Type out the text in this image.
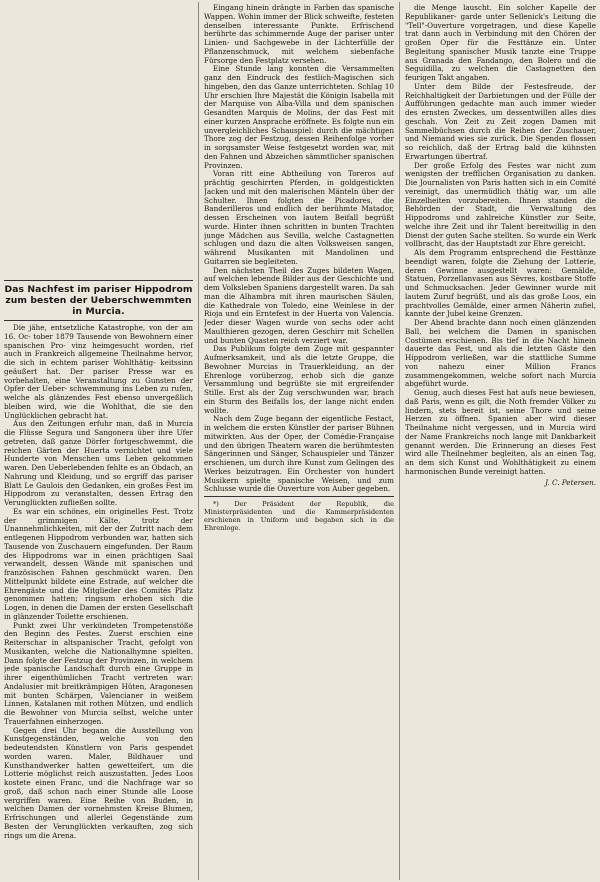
Das Nachfest im pariser Hippodrom zum besten der Ueberschwemmten in Murcia.

Die jähe, entsetzliche Katastrophe, von der am 16. Oc- tober 1879 Tausende von Bewohnern einer spanischen Pro- vinz heimgesucht worden, rief auch in Frankreich allgemeine Theilnahme hervor, die sich in echtem pariser Wohlthätig- keitssinn geäußert hat. Der pariser Presse war es vorbehalten, eine Veranstaltung zu Gunsten der Opfer der Ueber- schwemmung ins Leben zu rufen, welche als glänzendes Fest ebenso unvergeßlich bleiben wird, wie die Wohlthat, die sie den Unglücklichen gebracht hat.

Aus den Zeitungen erfuhr man, daß in Murcia die Flüsse Segura und Sangonera über ihre Ufer getreten, daß ganze Dörfer fortgeschwemmt, die reichen Gärten der Huerta vernichtet und viele Hunderte von Menschen ums Leben gekommen waren. Den Ueberlebenden fehlte es an Obdach, an Nahrung und Kleidung, und so ergriff das pariser Blatt Le Gaulois den Gedanken, ein großes Fest im Hippodrom zu veranstalten, dessen Ertrag den Verunglückten zufließen sollte.

Es war ein schönes, ein originelles Fest. Trotz der grimmigen Kälte, trotz der Unannehmlichkeiten, mit der der Zutritt nach dem entlegenen Hippodrom verbunden war, hatten sich Tausende von Zuschauern eingefunden. Der Raum des Hippodroms war in einen prächtigen Saal verwandelt, dessen Wände mit spanischen und französischen Fahnen geschmückt waren. Den Mittelpunkt bildete eine Estrade, auf welcher die Ehrengäste und die Mitglieder des Comités Platz genommen hatten; ringsum erhoben sich die Logen, in denen die Damen der ersten Gesellschaft in glänzender Toilette erschienen.

Punkt zwei Uhr verkündeten Trompetenstöße den Beginn des Festes. Zuerst erschien eine Reiterschar in altspanischer Tracht, gefolgt von Musikanten, welche die Nationalhymne spielten. Dann folgte der Festzug der Provinzen, in welchem jede spanische Landschaft durch eine Gruppe in ihrer eigenthümlichen Tracht vertreten war: Andalusier mit breitkrämpigen Hüten, Aragonesen mit bunten Schärpen, Valencianer in weißem Linnen, Katalanen mit rothen Mützen, und endlich die Bewohner von Murcia selbst, welche unter Trauerfahnen einherzogen.

Gegen drei Uhr begann die Ausstellung von Kunstgegenständen, welche von den bedeutendsten Künstlern von Paris gespendet worden waren. Maler, Bildhauer und Kunsthandwerker hatten gewetteifert, um die Lotterie möglichst reich auszustatten. Jedes Loos kostete einen Franc, und die Nachfrage war so groß, daß schon nach einer Stunde alle Loose vergriffen waren. Eine Reihe von Buden, in welchen Damen der vornehmsten Kreise Blumen, Erfrischungen und allerlei Gegenstände zum Besten der Verunglückten verkauften, zog sich rings um die Arena.

Eingang hinein drängte in Farben das spanische Wappen. Wohin immer der Blick schweifte, festeten denselben interessante Punkte. Erfrischend berührte das schimmernde Auge der pariser unter Linien- und Sachgewebe in der Lichterfülle der Pflanzenschmuck, mit welchem siebenfache Fürsorge den Festplatz versehen.

Eine Stunde lang konnten die Versammelten ganz den Eindruck des festlich-Magischen sich hingeben, den das Ganze unterrichteten. Schlag 10 Uhr erschien Ihre Majestät die Königin Isabella mit der Marquise von Alba-Villa und dem spanischen Gesandten Marquis de Molins, der das Fest mit einer kurzen Ansprache eröffnete. Es folgte nun ein unvergleichliches Schauspiel: durch die mächtigen Thore zog der Festzug, dessen Reihenfolge vorher in sorgsamster Weise festgesetzt worden war, mit den Fahnen und Abzeichen sämmtlicher spanischen Provinzen.

Voran ritt eine Abtheilung von Toreros auf prächtig geschirrten Pferden, in goldgestickten Jacken und mit den malerischen Mänteln über der Schulter. Ihnen folgten die Picadores, die Banderilleros und endlich der berühmte Matador, dessen Erscheinen von lautem Beifall begrüßt wurde. Hinter ihnen schritten in bunten Trachten junge Mädchen aus Sevilla, welche Castagnetten schlugen und dazu die alten Volksweisen sangen, während Musikanten mit Mandolinen und Guitarren sie begleiteten.

Den nächsten Theil des Zuges bildeten Wagen, auf welchen lebende Bilder aus der Geschichte und dem Volksleben Spaniens dargestellt waren. Da sah man die Alhambra mit ihren maurischen Säulen, die Kathedrale von Toledo, eine Weinlese in der Rioja und ein Erntefest in der Huerta von Valencia. Jeder dieser Wagen wurde von sechs oder acht Maulthieren gezogen, deren Geschirr mit Schellen und bunten Quasten reich verziert war.

Das Publikum folgte dem Zuge mit gespannter Aufmerksamkeit, und als die letzte Gruppe, die Bewohner Murcias in Trauerkleidung, an der Ehrenloge vorüberzog, erhob sich die ganze Versammlung und begrüßte sie mit ergreifender Stille. Erst als der Zug verschwunden war, brach ein Sturm des Beifalls los, der lange nicht enden wollte.

Nach dem Zuge begann der eigentliche Festact, in welchem die ersten Künstler der pariser Bühnen mitwirkten. Aus der Oper, der Comédie-Française und den übrigen Theatern waren die berühmtesten Sängerinnen und Sänger, Schauspieler und Tänzer erschienen, um durch ihre Kunst zum Gelingen des Werkes beizutragen. Ein Orchester von hundert Musikern spielte spanische Weisen, und zum Schlusse wurde die Ouverture von Auber gegeben.

*) Der Präsident der Republik, die Ministerpräsidenten und die Kammerpräsidenten erschienen in Uniform und begaben sich in die Ehrenloge.

die Menge lauscht. Ein solcher Kapelle der Republikaner- garde unter Sellenick's Leitung die "Tell"-Ouverture vorgetragen, und diese Kapelle trat dann auch in Verbindung mit den Chören der großen Oper für die Festtänze ein. Unter Begleitung spanischer Musik tanzte eine Truppe aus Granada den Fandango, den Bolero und die Seguidilla, zu welchen die Castagnetten den feurigen Takt angaben.

Unter dem Bilde der Festesfreude, der Reichhaltigkeit der Darbietungen und der Fülle der Aufführungen gedachte man auch immer wieder des ernsten Zweckes, um dessentwillen alles dies geschah. Von Zeit zu Zeit zogen Damen mit Sammelbüchsen durch die Reihen der Zuschauer, und Niemand wies sie zurück. Die Spenden flossen so reichlich, daß der Ertrag bald die kühnsten Erwartungen übertraf.

Der große Erfolg des Festes war nicht zum wenigsten der trefflichen Organisation zu danken. Die Journalisten von Paris hatten sich in ein Comité vereinigt, das unermüdlich thätig war, um alle Einzelheiten vorzubereiten. Ihnen standen die Behörden der Stadt, die Verwaltung des Hippodroms und zahlreiche Künstler zur Seite, welche ihre Zeit und ihr Talent bereitwillig in den Dienst der guten Sache stellten. So wurde ein Werk vollbracht, das der Hauptstadt zur Ehre gereicht.

Als dem Programm entsprechend die Festtänze beendigt waren, folgte die Ziehung der Lotterie, deren Gewinne ausgestellt waren: Gemälde, Statuen, Porzellanvasen aus Sèvres, kostbare Stoffe und Schmucksachen. Jeder Gewinner wurde mit lautem Zuruf begrüßt, und als das große Loos, ein prachtvolles Gemälde, einer armen Näherin zufiel, kannte der Jubel keine Grenzen.

Der Abend brachte dann noch einen glänzenden Ball, bei welchem die Damen in spanischen Costümen erschienen. Bis tief in die Nacht hinein dauerte das Fest, und als die letzten Gäste den Hippodrom verließen, war die stattliche Summe von nahezu einer Million Francs zusammengekommen, welche sofort nach Murcia abgeführt wurde.

Genug, auch dieses Fest hat aufs neue bewiesen, daß Paris, wenn es gilt, die Noth fremder Völker zu lindern, stets bereit ist, seine Thore und seine Herzen zu öffnen. Spanien aber wird dieser Theilnahme nicht vergessen, und in Murcia wird der Name Frankreichs noch lange mit Dankbarkeit genannt werden. Die Erinnerung an dieses Fest wird alle Theilnehmer begleiten, als an einen Tag, an dem sich Kunst und Wohlthätigkeit zu einem harmonischen Bunde vereinigt hatten.

J. C. Petersen.
